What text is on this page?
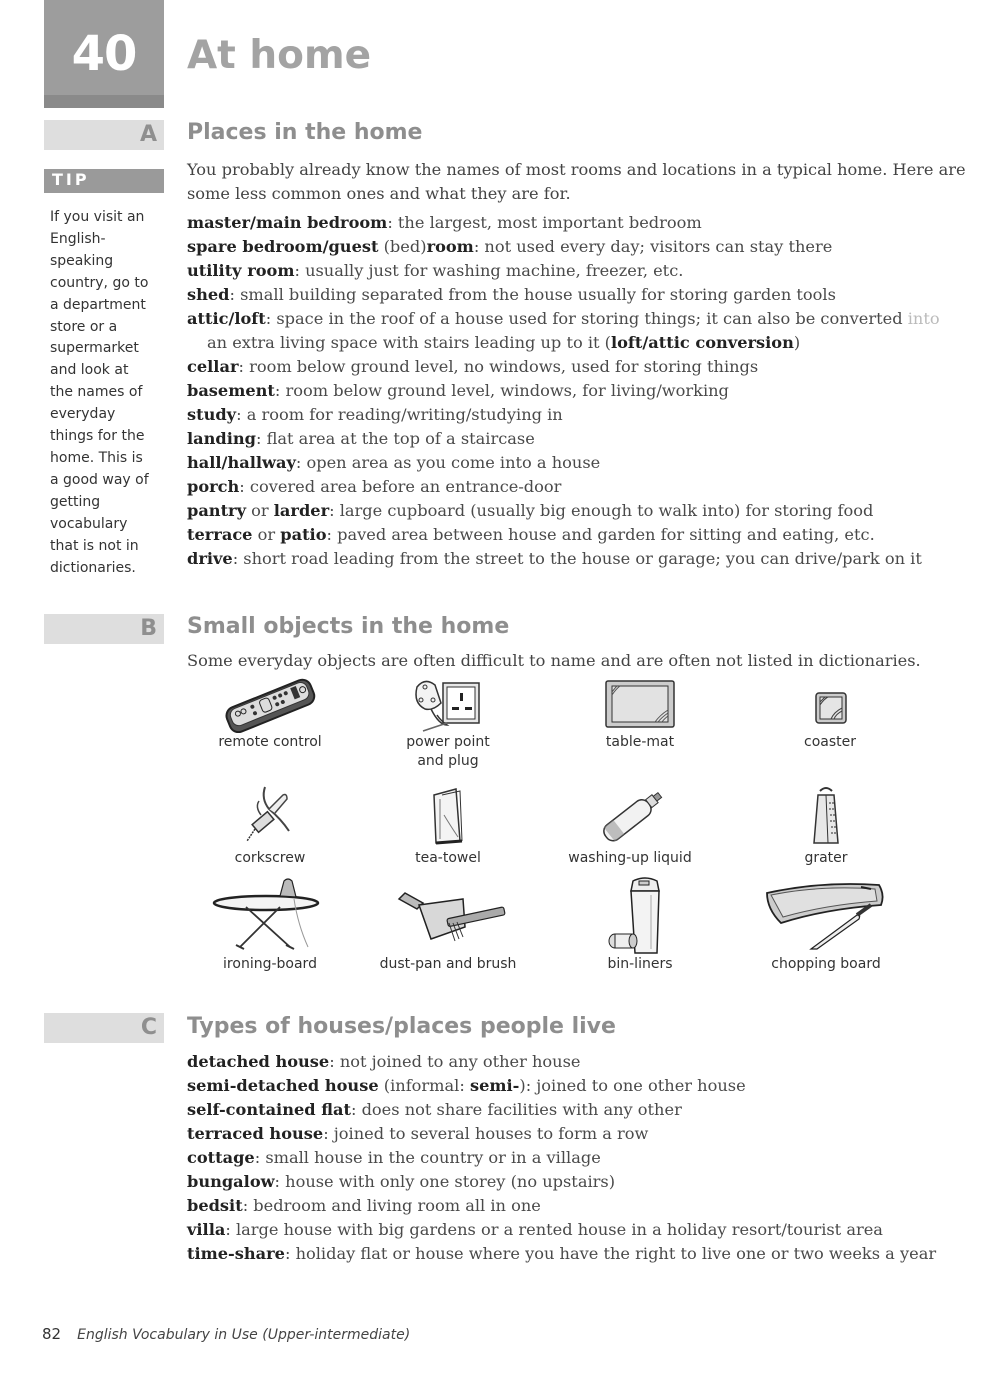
40	At home
A Places in the home
TIP
If you visit an English-speaking country, go to a department store or a supermarket and look at the names of everyday things for the home. This is a good way of getting vocabulary that is not in dictionaries.
You probably already know the names of most rooms and locations in a typical home. Here are some less common ones and what they are for.
master/main bedroom: the largest, most important bedroom
spare bedroom/guest (bed)room: not used every day; visitors can stay there
utility room: usually just for washing machine, freezer, etc.
shed: small building separated from the house usually for storing garden tools
attic/loft: space in the roof of a house used for storing things; it can also be converted into
an extra living space with stairs leading up to it (loft/attic conversion)
cellar: room below ground level, no windows, used for storing things
basement: room below ground level, windows, for living/working
study: a room for reading/writing/studying in
landing: flat area at the top of a staircase
hall/hallway: open area as you come into a house
porch: covered area before an entrance-door
pantry or larder: large cupboard (usually big enough to walk into) for storing food
terrace or patio: paved area between house and garden for sitting and eating, etc.
drive: short road leading from the street to the house or garage; you can drive/park on it
B Small objects in the home
Some everyday objects are often difficult to name and are often not listed in dictionaries.
remote control	power point
and plug
table-mat	coaster
corkscrew	tea-towel	washing-up liquid	grater
ironing-board	dust-pan and brush	bin-liners	chopping board
C Types of houses/places people live
detached house: not joined to any other house
semi-detached house (informal: semi-): joined to one other house
self-contained flat: does not share facilities with any other
terraced house: joined to several houses to form a row
cottage: small house in the country or in a village
bungalow: house with only one storey (no upstairs)
bedsit: bedroom and living room all in one
villa: large house with big gardens or a rented house in a holiday resort/tourist area
time-share: holiday flat or house where you have the right to live one or two weeks a year
82 English Vocabulary in Use (Upper-intermediate)
